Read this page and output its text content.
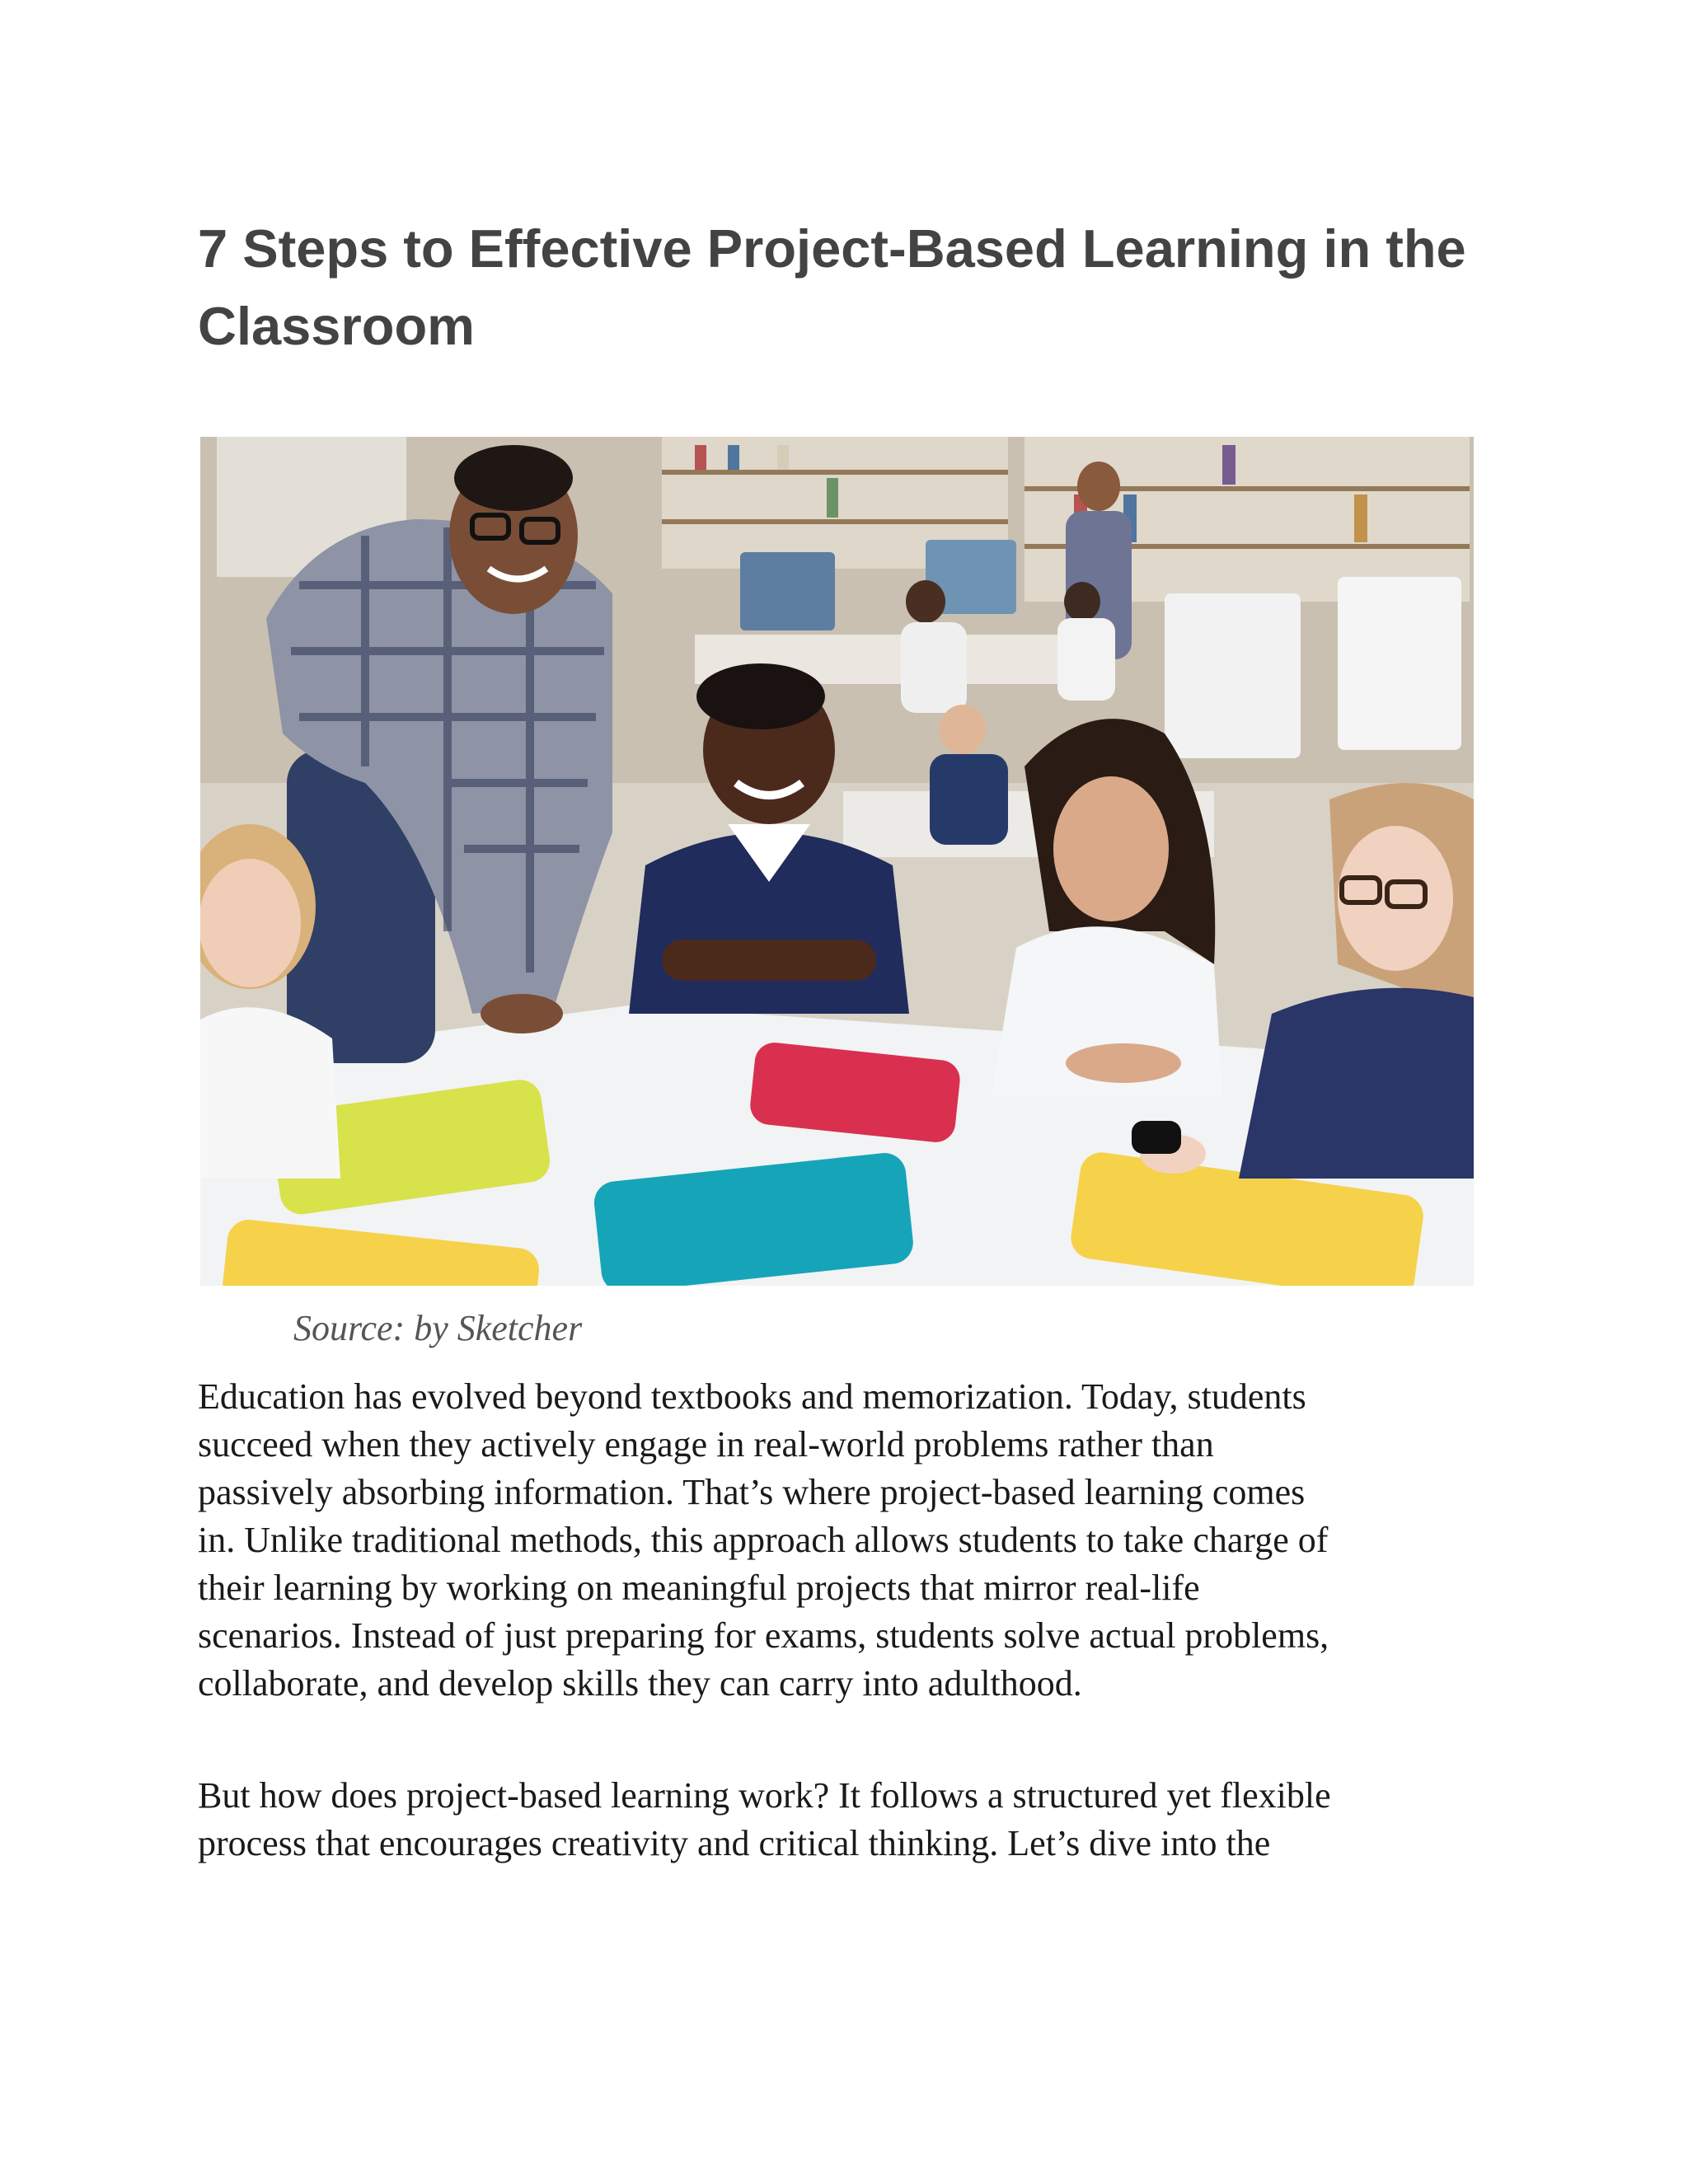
7 Steps to Effective Project-Based Learning in the Classroom

Source: by Sketcher

Education has evolved beyond textbooks and memorization. Today, students
succeed when they actively engage in real-world problems rather than
passively absorbing information. That’s where project-based learning comes
in. Unlike traditional methods, this approach allows students to take charge of
their learning by working on meaningful projects that mirror real-life
scenarios. Instead of just preparing for exams, students solve actual problems,
collaborate, and develop skills they can carry into adulthood.

But how does project-based learning work? It follows a structured yet flexible
process that encourages creativity and critical thinking. Let’s dive into the
